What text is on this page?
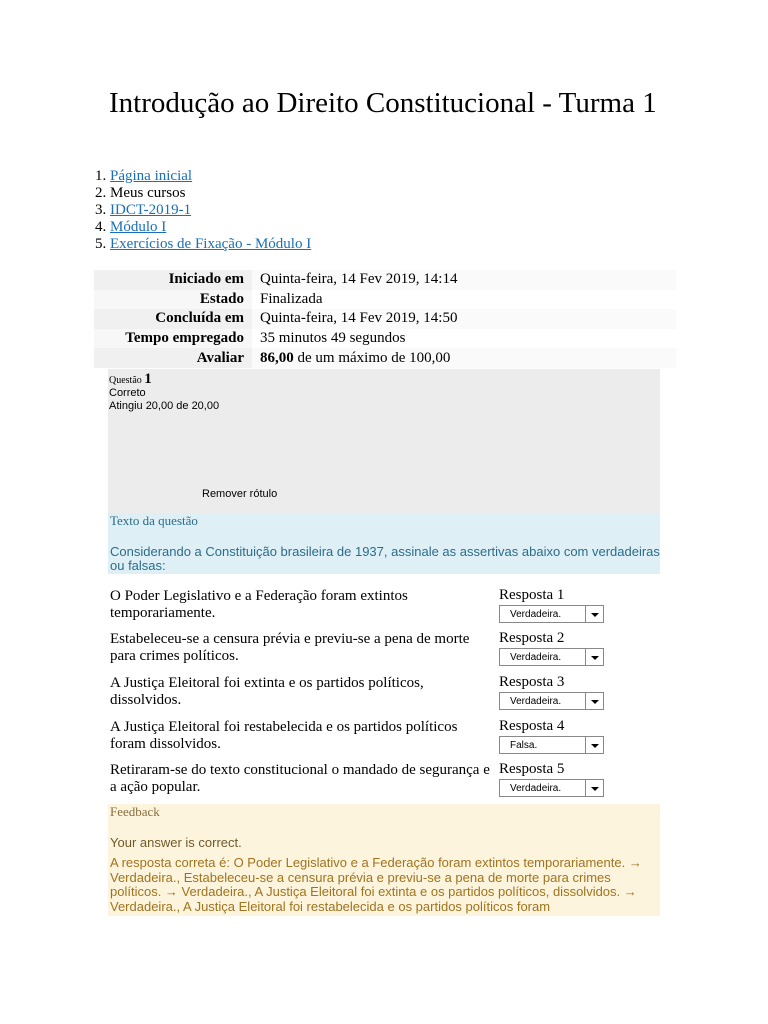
Introdução ao Direito Constitucional - Turma 1
1. Página inicial
2. Meus cursos
3. IDCT-2019-1
4. Módulo I
5. Exercícios de Fixação - Módulo I
Iniciado em	Quinta-feira, 14 Fev 2019, 14:14
Estado	Finalizada
Concluída em	Quinta-feira, 14 Fev 2019, 14:50
Tempo empregado	35 minutos 49 segundos
Avaliar	86,00 de um máximo de 100,00
Questão 1
Correto
Atingiu 20,00 de 20,00
Remover rótulo
Texto da questão
Considerando a Constituição brasileira de 1937, assinale as assertivas abaixo com verdadeiras ou falsas:
O Poder Legislativo e a Federação foram extintos temporariamente.
Resposta 1
Verdadeira.
Estabeleceu-se a censura prévia e previu-se a pena de morte para crimes políticos.
Resposta 2
Verdadeira.
A Justiça Eleitoral foi extinta e os partidos políticos, dissolvidos.
Resposta 3
Verdadeira.
A Justiça Eleitoral foi restabelecida e os partidos políticos foram dissolvidos.
Resposta 4
Falsa.
Retiraram-se do texto constitucional o mandado de segurança e a ação popular.
Resposta 5
Verdadeira.
Feedback
Your answer is correct.
A resposta correta é: O Poder Legislativo e a Federação foram extintos temporariamente. → Verdadeira., Estabeleceu-se a censura prévia e previu-se a pena de morte para crimes políticos. → Verdadeira., A Justiça Eleitoral foi extinta e os partidos políticos, dissolvidos. → Verdadeira., A Justiça Eleitoral foi restabelecida e os partidos políticos foram
